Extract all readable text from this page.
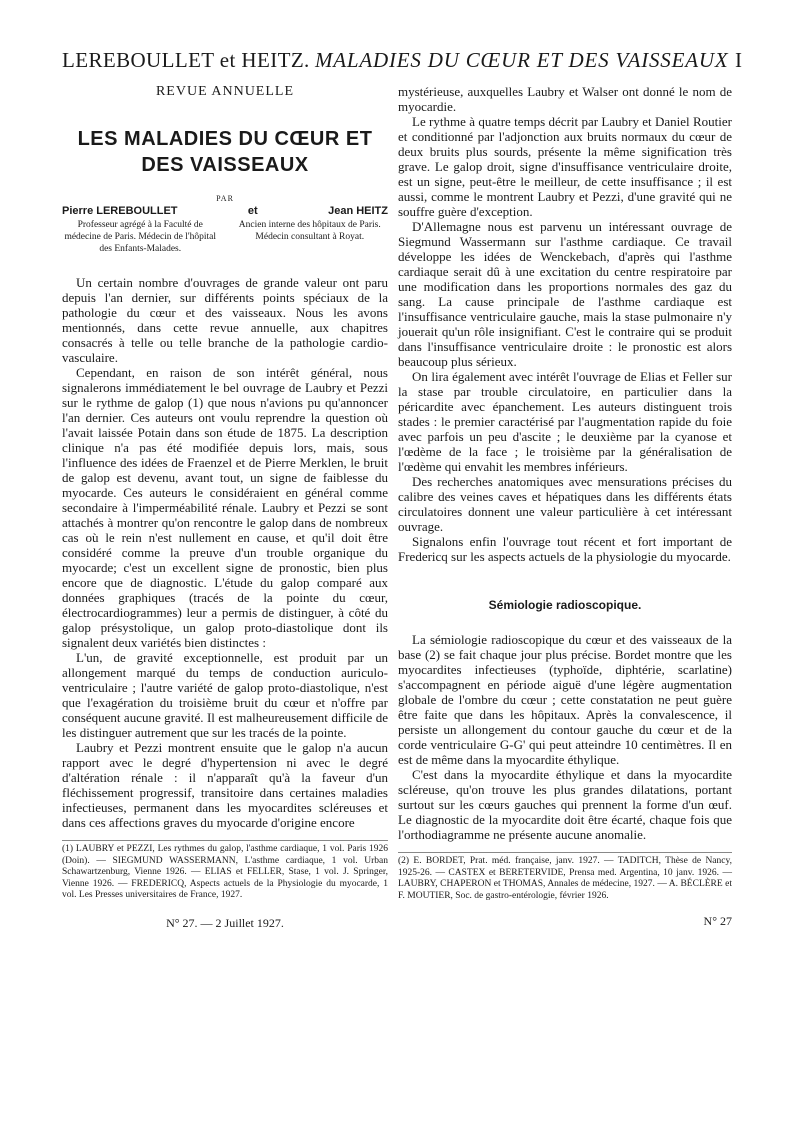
LEREBOULLET et HEITZ. MALADIES DU CŒUR ET DES VAISSEAUX I
REVUE ANNUELLE
LES MALADIES DU CŒUR ET
DES VAISSEAUX
PAR
Pierre LEREBOULLET	et	Jean HEITZ
Professeur agrégé à la Faculté de médecine de Paris. Médecin de l'hôpital des Enfants-Malades.
Ancien interne des hôpitaux de Paris. Médecin consultant à Royat.

Un certain nombre d'ouvrages de grande valeur ont paru depuis l'an dernier, sur différents points spéciaux de la pathologie du cœur et des vaisseaux. Nous les avons mentionnés, dans cette revue annuelle, aux chapitres consacrés à telle ou telle branche de la pathologie cardio-vasculaire.

Cependant, en raison de son intérêt général, nous signalerons immédiatement le bel ouvrage de Laubry et Pezzi sur le rythme de galop (1) que nous n'avions pu qu'annoncer l'an dernier. Ces auteurs ont voulu reprendre la question où l'avait laissée Potain dans son étude de 1875. La description clinique n'a pas été modifiée depuis lors, mais, sous l'influence des idées de Fraenzel et de Pierre Merklen, le bruit de galop est devenu, avant tout, un signe de faiblesse du myocarde. Ces auteurs le considéraient en général comme secondaire à l'imperméabilité rénale. Laubry et Pezzi se sont attachés à montrer qu'on rencontre le galop dans de nombreux cas où le rein n'est nullement en cause, et qu'il doit être considéré comme la preuve d'un trouble organique du myocarde; c'est un excellent signe de pronostic, bien plus encore que de diagnostic. L'étude du galop comparé aux données graphiques (tracés de la pointe du cœur, électrocardiogrammes) leur a permis de distinguer, à côté du galop présystolique, un galop proto-diastolique dont ils signalent deux variétés bien distinctes :

L'un, de gravité exceptionnelle, est produit par un allongement marqué du temps de conduction auriculo-ventriculaire ; l'autre variété de galop proto-diastolique, n'est que l'exagération du troisième bruit du cœur et n'offre par conséquent aucune gravité. Il est malheureusement difficile de les distinguer autrement que sur les tracés de la pointe.

Laubry et Pezzi montrent ensuite que le galop n'a aucun rapport avec le degré d'hypertension ni avec le degré d'altération rénale : il n'apparaît qu'à la faveur d'un fléchissement progressif, transitoire dans certaines maladies infectieuses, permanent dans les myocardites scléreuses et dans ces affections graves du myocarde d'origine encore

(1) LAUBRY et PEZZI, Les rythmes du galop, l'asthme cardiaque, 1 vol. Paris 1926 (Doin). — SIEGMUND WASSERMANN, L'asthme cardiaque, 1 vol. Urban Schawartzenburg, Vienne 1926. — ELIAS et FELLER, Stase, 1 vol. J. Springer, Vienne 1926. — FREDERICQ, Aspects actuels de la Physiologie du myocarde, 1 vol. Les Presses universitaires de France, 1927.
N° 27. — 2 Juillet 1927.

mystérieuse, auxquelles Laubry et Walser ont donné le nom de myocardie.

Le rythme à quatre temps décrit par Laubry et Daniel Routier et conditionné par l'adjonction aux bruits normaux du cœur de deux bruits plus sourds, présente la même signification très grave. Le galop droit, signe d'insuffisance ventriculaire droite, est un signe, peut-être le meilleur, de cette insuffisance ; il est aussi, comme le montrent Laubry et Pezzi, d'une gravité qui ne souffre guère d'exception.

D'Allemagne nous est parvenu un intéressant ouvrage de Siegmund Wassermann sur l'asthme cardiaque. Ce travail développe les idées de Wenckebach, d'après qui l'asthme cardiaque serait dû à une excitation du centre respiratoire par une modification dans les proportions normales des gaz du sang. La cause principale de l'asthme cardiaque est l'insuffisance ventriculaire gauche, mais la stase pulmonaire n'y jouerait qu'un rôle insignifiant. C'est le contraire qui se produit dans l'insuffisance ventriculaire droite : le pronostic est alors beaucoup plus sérieux.

On lira également avec intérêt l'ouvrage de Elias et Feller sur la stase par trouble circulatoire, en particulier dans la péricardite avec épanchement. Les auteurs distinguent trois stades : le premier caractérisé par l'augmentation rapide du foie avec parfois un peu d'ascite ; le deuxième par la cyanose et l'œdème de la face ; le troisième par la généralisation de l'œdème qui envahit les membres inférieurs.

Des recherches anatomiques avec mensurations précises du calibre des veines caves et hépatiques dans les différents états circulatoires donnent une valeur particulière à cet intéressant ouvrage.

Signalons enfin l'ouvrage tout récent et fort important de Fredericq sur les aspects actuels de la physiologie du myocarde.

Sémiologie radioscopique.

La sémiologie radioscopique du cœur et des vaisseaux de la base (2) se fait chaque jour plus précise. Bordet montre que les myocardites infectieuses (typhoïde, diphtérie, scarlatine) s'accompagnent en période aiguë d'une légère augmentation globale de l'ombre du cœur ; cette constatation ne peut guère être faite que dans les hôpitaux. Après la convalescence, il persiste un allongement du contour gauche du cœur et de la corde ventriculaire G-G' qui peut atteindre 10 centimètres. Il en est de même dans la myocardite éthylique.

C'est dans la myocardite éthylique et dans la myocardite scléreuse, qu'on trouve les plus grandes dilatations, portant surtout sur les cœurs gauches qui prennent la forme d'un œuf. Le diagnostic de la myocardite doit être écarté, chaque fois que l'orthodiagramme ne présente aucune anomalie.

(2) E. BORDET, Prat. méd. française, janv. 1927. — TADITCH, Thèse de Nancy, 1925-26. — CASTEX et BERETERVIDE, Prensa med. Argentina, 10 janv. 1926. — LAUBRY, CHAPERON et THOMAS, Annales de médecine, 1927. — A. BÉCLÈRE et F. MOUTIER, Soc. de gastro-entérologie, février 1926.
N° 27
